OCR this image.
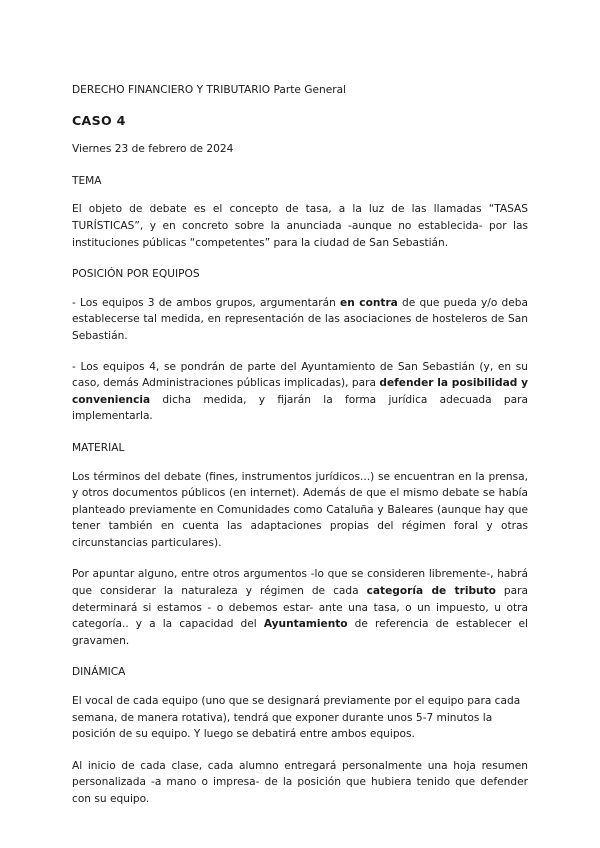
DERECHO FINANCIERO Y TRIBUTARIO Parte General

CASO 4

Viernes 23 de febrero de 2024

TEMA

El objeto de debate es el concepto de tasa, a la luz de las llamadas “TASAS TURÍSTICAS”, y en concreto sobre la anunciada -aunque no establecida- por las instituciones públicas “competentes” para la ciudad de San Sebastián.

POSICIÓN POR EQUIPOS

- Los equipos 3 de ambos grupos, argumentarán en contra de que pueda y/o deba establecerse tal medida, en representación de las asociaciones de hosteleros de San Sebastián.

- Los equipos 4, se pondrán de parte del Ayuntamiento de San Sebastián (y, en su caso, demás Administraciones públicas implicadas), para defender la posibilidad y conveniencia dicha medida, y fijarán la forma jurídica adecuada para implementarla.

MATERIAL

Los términos del debate (fines, instrumentos jurídicos...) se encuentran en la prensa, y otros documentos públicos (en internet). Además de que el mismo debate se había planteado previamente en Comunidades como Cataluña y Baleares (aunque hay que tener también en cuenta las adaptaciones propias del régimen foral y otras circunstancias particulares).

Por apuntar alguno, entre otros argumentos -lo que se consideren libremente-, habrá que considerar la naturaleza y régimen de cada categoría de tributo para determinará si estamos - o debemos estar- ante una tasa, o un impuesto, u otra categoría.. y a la capacidad del Ayuntamiento de referencia de establecer el gravamen.

DINÁMICA

El vocal de cada equipo (uno que se designará previamente por el equipo para cada semana, de manera rotativa), tendrá que exponer durante unos 5-7 minutos la posición de su equipo. Y luego se debatirá entre ambos equipos.

Al inicio de cada clase, cada alumno entregará personalmente una hoja resumen personalizada -a mano o impresa- de la posición que hubiera tenido que defender con su equipo.
